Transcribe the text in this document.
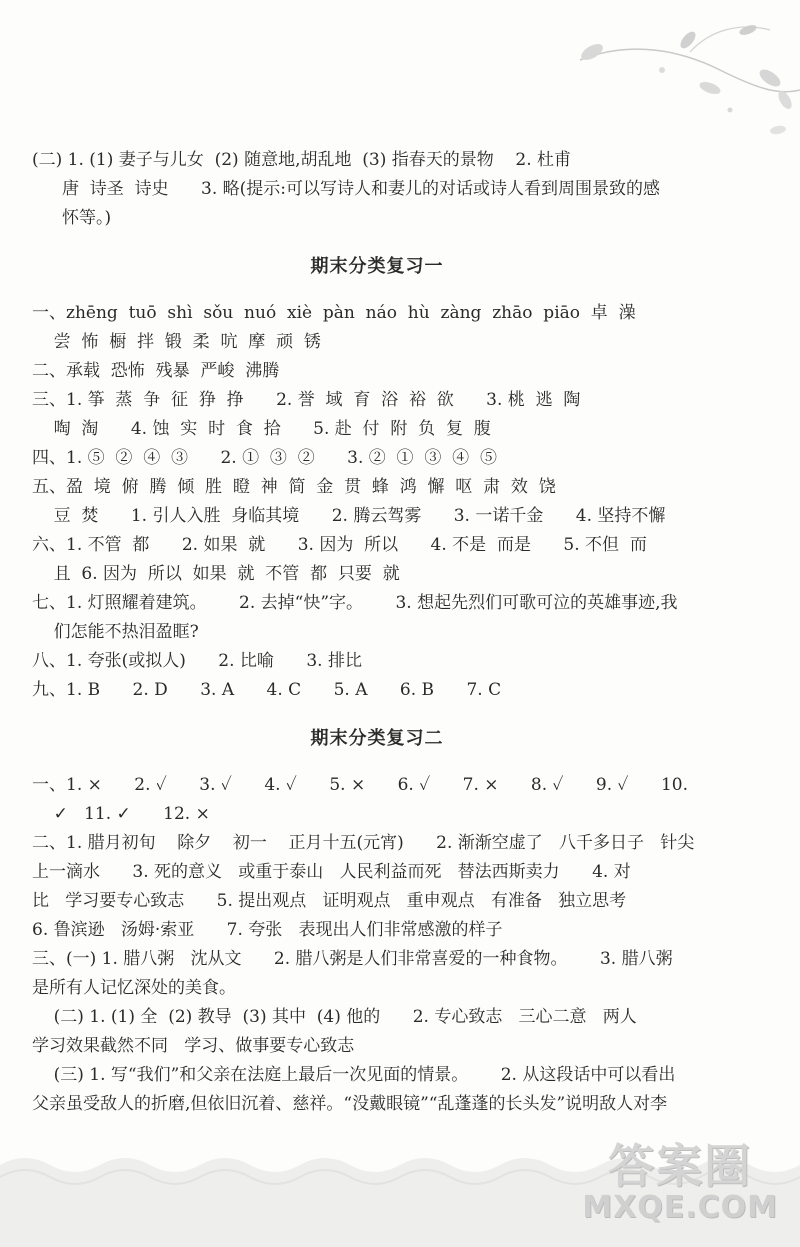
(二) 1. (1) 妻子与儿女  (2) 随意地,胡乱地  (3) 指春天的景物    2. 杜甫
唐  诗圣  诗史      3. 略(提示:可以写诗人和妻儿的对话或诗人看到周围景致的感
怀等。)
期末分类复习一
一、zhēng  tuō  shì  sǒu  nuó  xiè  pàn  náo  hù  zàng  zhāo  piāo  卓  澡
尝  怖  橱  拌  锻  柔  吭  摩  顽  锈
二、承载  恐怖  残暴  严峻  沸腾
三、1. 筝  蒸  争  征  狰  挣      2. 誉  域  育  浴  裕  欲      3. 桃  逃  陶
啕  淘      4. 蚀  实  时  食  拾      5. 赴  付  附  负  复  腹
四、1. ⑤  ②  ④  ③      2. ①  ③  ②      3. ②  ①  ③  ④  ⑤
五、盈  境  俯  腾  倾  胜  瞪  神  简  金  贯  蜂  鸿  懈  呕  肃  效  饶
豆  焚      1. 引人入胜  身临其境      2. 腾云驾雾      3. 一诺千金      4. 坚持不懈
六、1. 不管  都      2. 如果  就      3. 因为  所以      4. 不是  而是      5. 不但  而
且  6. 因为  所以  如果  就  不管  都  只要  就
七、1. 灯照耀着建筑。      2. 去掉“快”字。      3. 想起先烈们可歌可泣的英雄事迹,我
们怎能不热泪盈眶?
八、1. 夸张(或拟人)      2. 比喻      3. 排比
九、1. B      2. D      3. A      4. C      5. A      6. B      7. C
期末分类复习二
一、1. ×      2. ✓      3. ✓      4. ✓      5. ×      6. ✓      7. ×      8. ✓      9. ✓      10.
✓   11. ✓      12. ×
二、1. 腊月初旬    除夕    初一    正月十五(元宵)      2. 渐渐空虚了   八千多日子   针尖
上一滴水      3. 死的意义   或重于泰山   人民利益而死   替法西斯卖力      4. 对
比   学习要专心致志      5. 提出观点   证明观点   重申观点   有准备   独立思考
6. 鲁滨逊   汤姆·索亚      7. 夸张   表现出人们非常感激的样子
三、(一) 1. 腊八粥   沈从文      2. 腊八粥是人们非常喜爱的一种食物。      3. 腊八粥
是所有人记忆深处的美食。
(二) 1. (1) 全  (2) 教导  (3) 其中  (4) 他的      2. 专心致志   三心二意   两人
学习效果截然不同   学习、做事要专心致志
(三) 1. 写“我们”和父亲在法庭上最后一次见面的情景。      2. 从这段话中可以看出
父亲虽受敌人的折磨,但依旧沉着、慈祥。“没戴眼镜”“乱蓬蓬的长头发”说明敌人对李
答案圈
MXQE.COM
